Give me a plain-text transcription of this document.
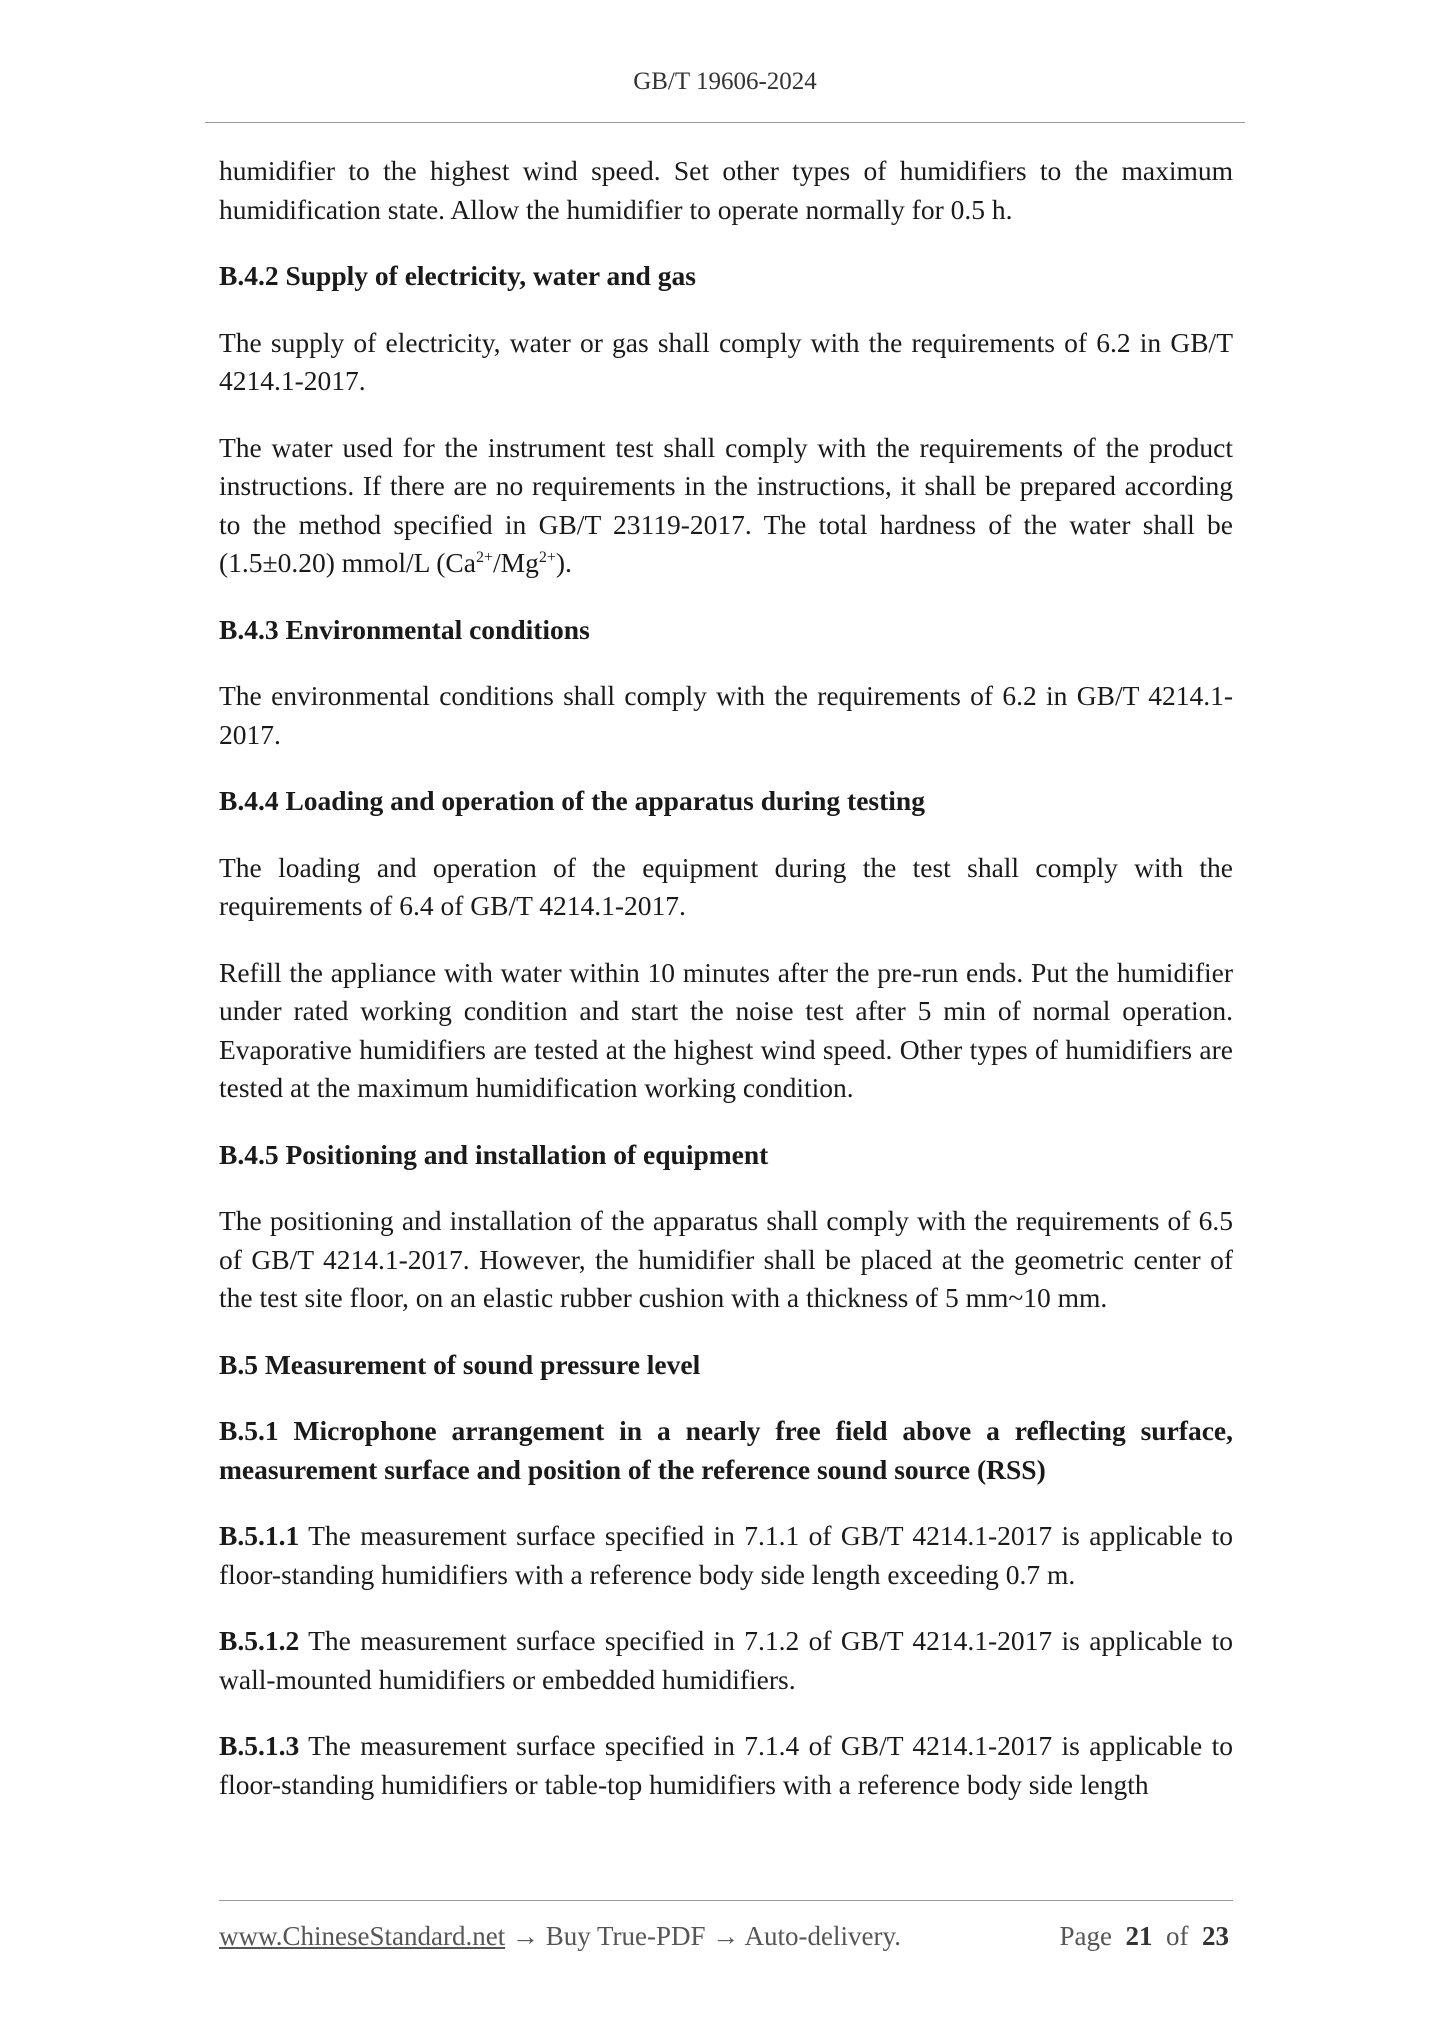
GB/T 19606-2024

humidifier to the highest wind speed. Set other types of humidifiers to the maximum humidification state. Allow the humidifier to operate normally for 0.5 h.

B.4.2 Supply of electricity, water and gas

The supply of electricity, water or gas shall comply with the requirements of 6.2 in GB/T 4214.1-2017.

The water used for the instrument test shall comply with the requirements of the product instructions. If there are no requirements in the instructions, it shall be prepared according to the method specified in GB/T 23119-2017. The total hardness of the water shall be (1.5±0.20) mmol/L $(Ca^{2+}/Mg^{2+})$.

B.4.3 Environmental conditions

The environmental conditions shall comply with the requirements of 6.2 in GB/T 4214.1-2017.

B.4.4 Loading and operation of the apparatus during testing

The loading and operation of the equipment during the test shall comply with the requirements of 6.4 of GB/T 4214.1-2017.

Refill the appliance with water within 10 minutes after the pre-run ends. Put the humidifier under rated working condition and start the noise test after 5 min of normal operation. Evaporative humidifiers are tested at the highest wind speed. Other types of humidifiers are tested at the maximum humidification working condition.

B.4.5 Positioning and installation of equipment

The positioning and installation of the apparatus shall comply with the requirements of 6.5 of GB/T 4214.1-2017. However, the humidifier shall be placed at the geometric center of the test site floor, on an elastic rubber cushion with a thickness of 5 mm~10 mm.

B.5 Measurement of sound pressure level

B.5.1 Microphone arrangement in a nearly free field above a reflecting surface, measurement surface and position of the reference sound source (RSS)

B.5.1.1 The measurement surface specified in 7.1.1 of GB/T 4214.1-2017 is applicable to floor-standing humidifiers with a reference body side length exceeding 0.7 m.

B.5.1.2 The measurement surface specified in 7.1.2 of GB/T 4214.1-2017 is applicable to wall-mounted humidifiers or embedded humidifiers.

B.5.1.3 The measurement surface specified in 7.1.4 of GB/T 4214.1-2017 is applicable to floor-standing humidifiers or table-top humidifiers with a reference body side length

www.ChineseStandard.net → Buy True-PDF → Auto-delivery.	Page 21 of 23
